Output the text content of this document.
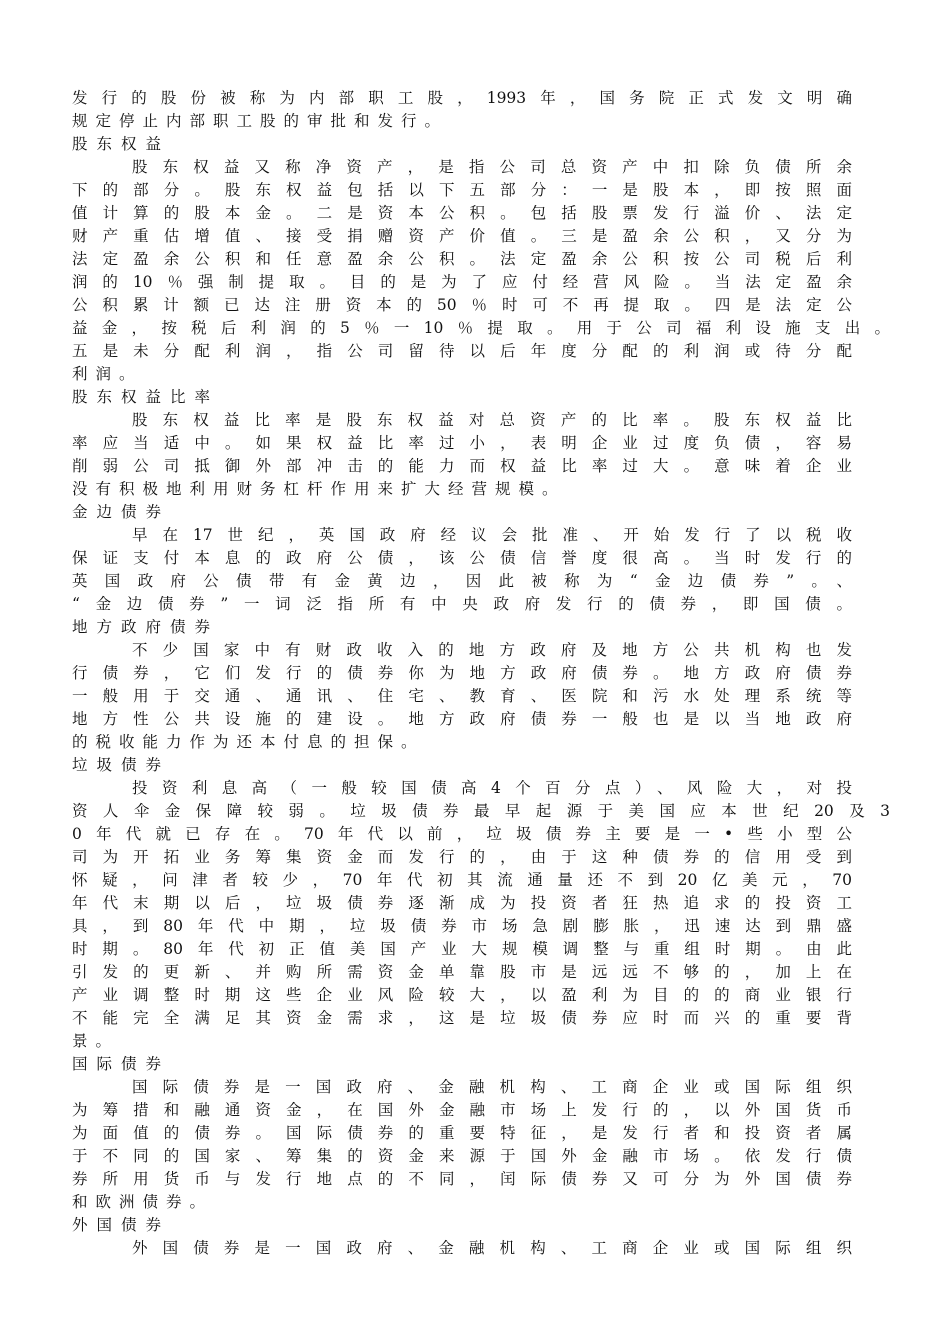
发行的股份被称为内部职工股，1993年，国务院正式发文明确
规定停止内部职工股的审批和发行。
股东权益
股东权益又称净资产，是指公司总资产中扣除负债所余
下的部分。股东权益包括以下五部分：一是股本，即按照面
值计算的股本金。二是资本公积。包括股票发行溢价、法定
财产重估增值、接受捐赠资产价值。三是盈余公积，又分为
法定盈余公积和任意盈余公积。法定盈余公积按公司税后利
润的10％强制提取。目的是为了应付经营风险。当法定盈余
公积累计额已达注册资本的50％时可不再提取。四是法定公
益金，按税后利润的5％一10％提取。用于公司福利设施支出。
五是未分配利润，指公司留待以后年度分配的利润或待分配
利润。
股东权益比率
股东权益比率是股东权益对总资产的比率。股东权益比
率应当适中。如果权益比率过小，表明企业过度负债，容易
削弱公司抵御外部冲击的能力而权益比率过大。意味着企业
没有积极地利用财务杠杆作用来扩大经营规模。
金边债券
早在17世纪，英国政府经议会批准、开始发行了以税收
保证支付本息的政府公债，该公债信誉度很高。当时发行的
英国政府公债带有金黄边，因此被称为“金边债券”。、
“金边债券”一词泛指所有中央政府发行的债券，即国债。
地方政府债券
不少国家中有财政收入的地方政府及地方公共机构也发
行债券，它们发行的债券你为地方政府债券。地方政府债券
一般用于交通、通讯、住宅、教育、医院和污水处理系统等
地方性公共设施的建设。地方政府债券一般也是以当地政府
的税收能力作为还本付息的担保。
垃圾债券
投资利息高（一般较国债高4个百分点）、风险大，对投
资人伞金保障较弱。垃圾债券最早起源于美国应本世纪20及3
0年代就已存在。70年代以前，垃圾债券主要是一•些小型公
司为开拓业务筹集资金而发行的，由于这种债券的信用受到
怀疑，问津者较少，70年代初其流通量还不到20亿美元，70
年代末期以后，垃圾债券逐渐成为投资者狂热追求的投资工
具，到80年代中期，垃圾债券市场急剧膨胀，迅速达到鼎盛
时期。80年代初正值美国产业大规模调整与重组时期。由此
引发的更新、并购所需资金单靠股市是远远不够的，加上在
产业调整时期这些企业风险较大，以盈利为目的的商业银行
不能完全满足其资金需求，这是垃圾债券应时而兴的重要背
景。
国际债券
国际债券是一国政府、金融机构、工商企业或国际组织
为筹措和融通资金，在国外金融市场上发行的，以外国货币
为面值的债券。国际债券的重要特征，是发行者和投资者属
于不同的国家、筹集的资金来源于国外金融市场。依发行债
券所用货币与发行地点的不同，闰际债券又可分为外国债券
和欧洲债券。
外国债券
外国债券是一国政府、金融机构、工商企业或国际组织
